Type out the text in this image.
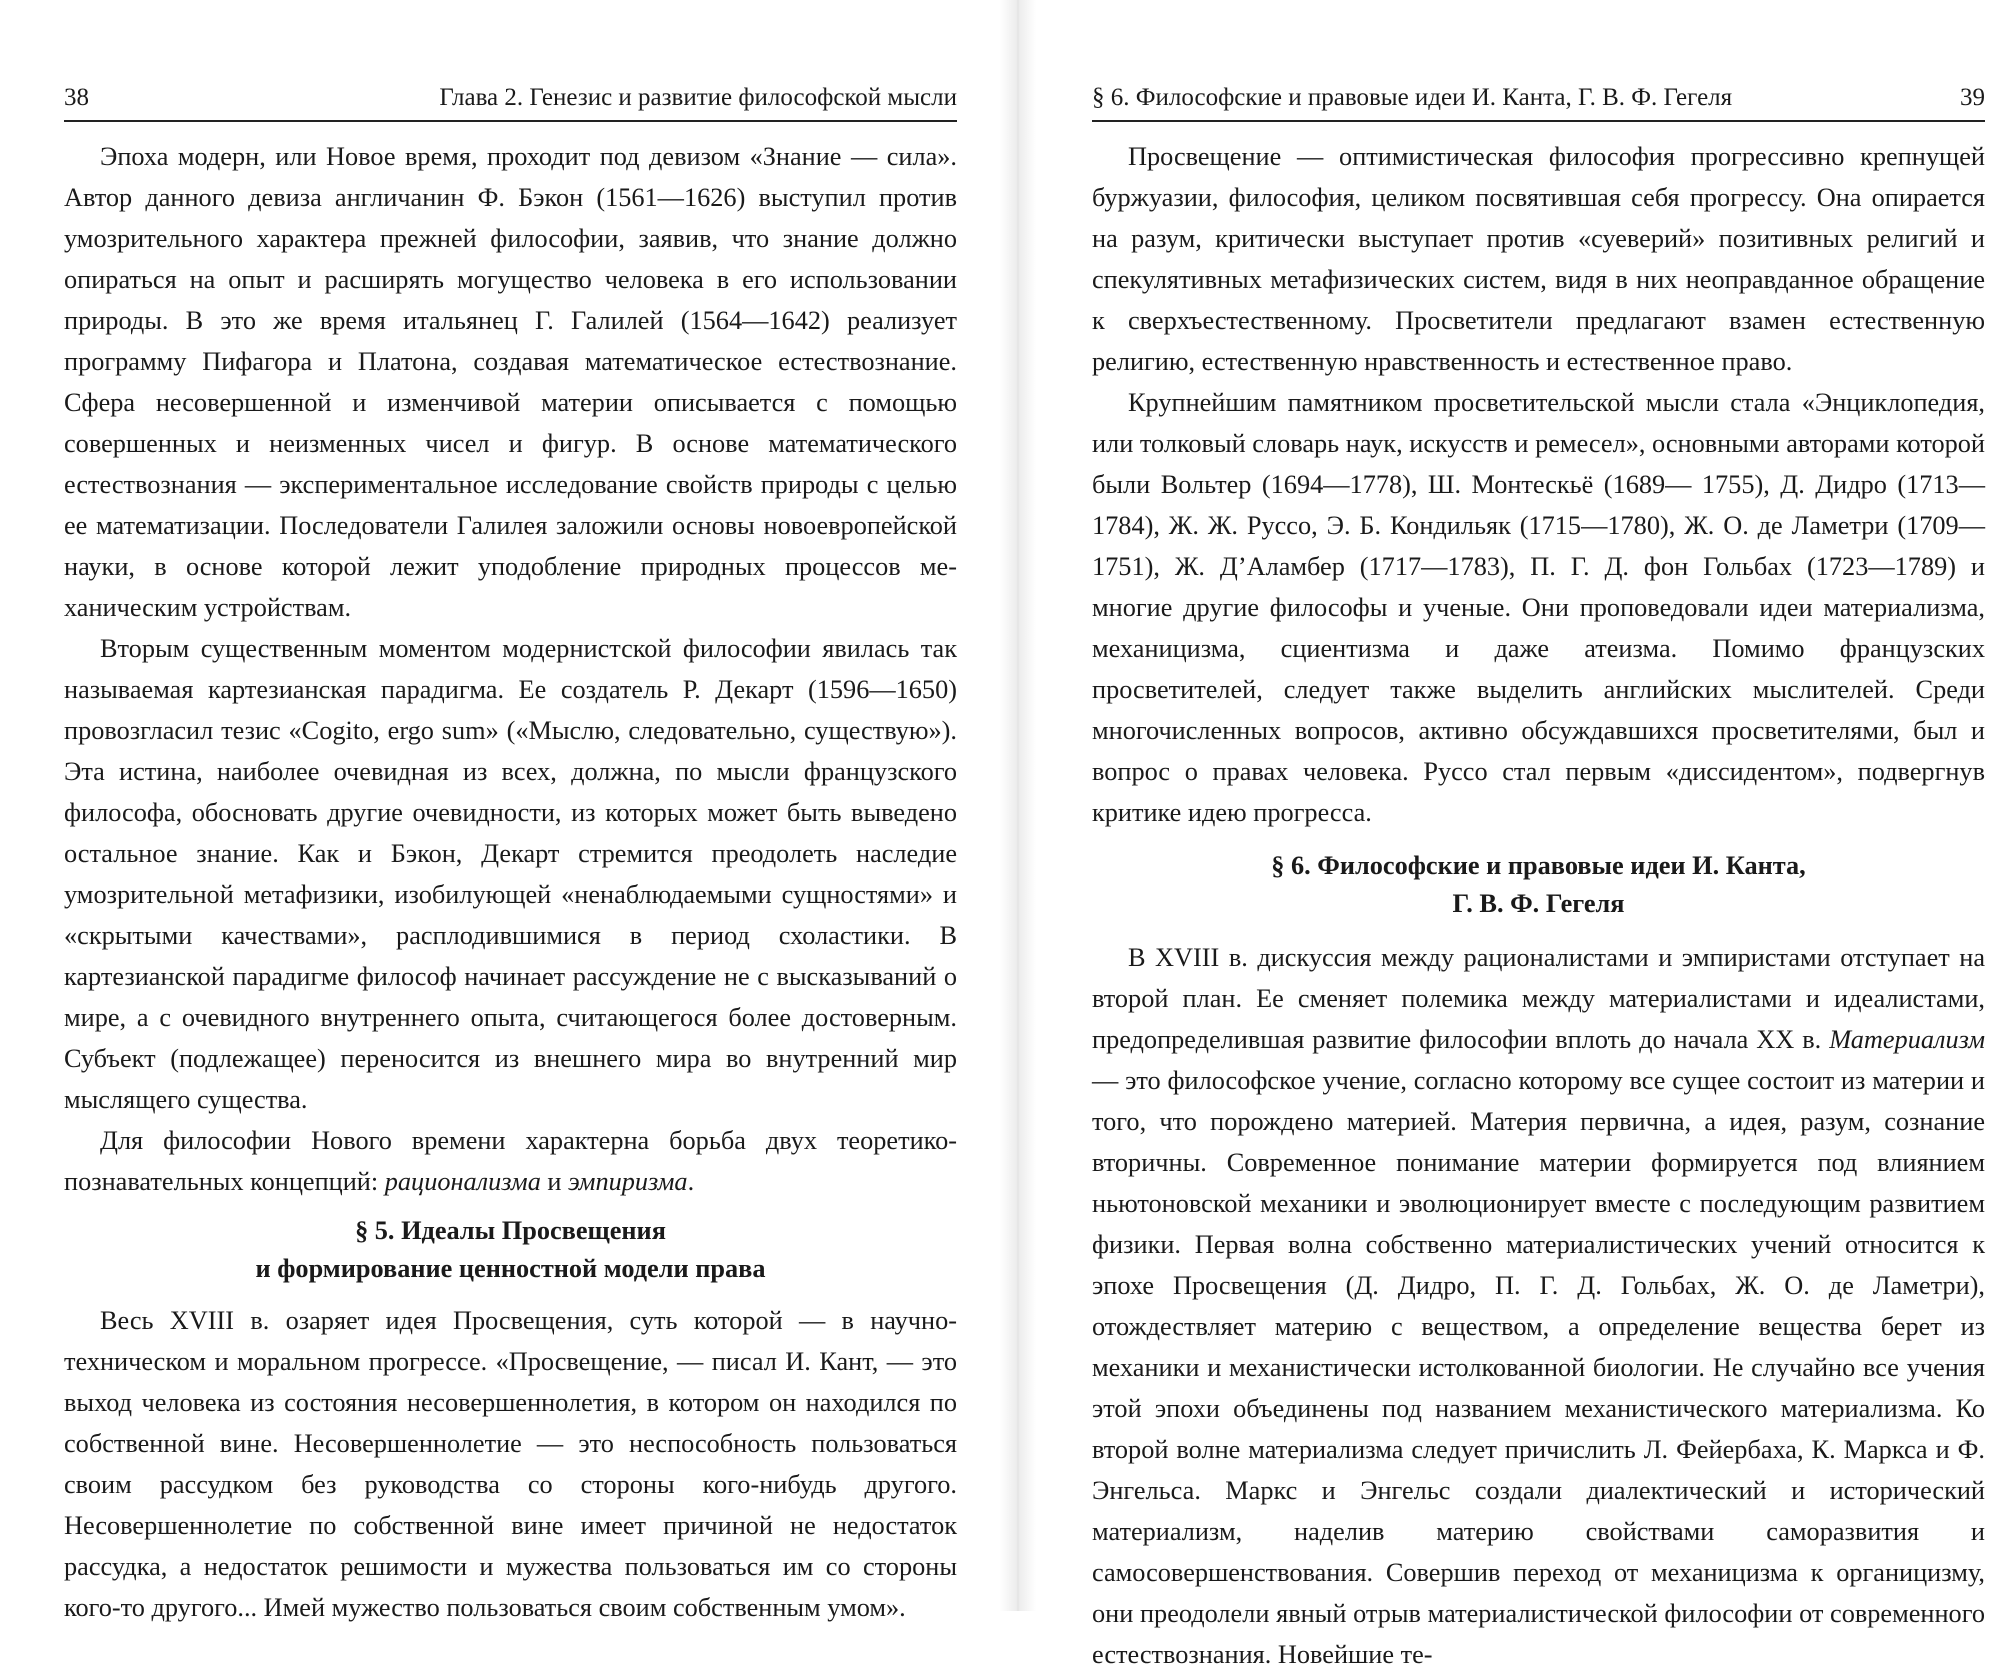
38	Глава 2. Генезис и развитие философской мысли

Эпоха модерн, или Новое время, проходит под девизом «Знание — сила». Автор данного девиза англичанин Ф. Бэкон (1561—1626) выступил против умозрительного характера прежней философии, заявив, что знание должно опираться на опыт и расширять могущество человека в его использовании природы. В это же время итальянец Г. Галилей (1564—1642) реализует программу Пифагора и Платона, создавая математическое естествознание. Сфера несовершенной и изменчивой материи описывается с помощью совершенных и неизменных чисел и фигур. В основе математического естествознания — экспериментальное исследование свойств природы с целью ее математизации. Последователи Галилея заложили основы новоевропейской науки, в основе которой лежит уподобление природных процессов механическим устройствам.

Вторым существенным моментом модернистской философии явилась так называемая картезианская парадигма. Ее создатель Р. Декарт (1596—1650) провозгласил тезис «Cogito, ergo sum» («Мыслю, следовательно, существую»). Эта истина, наиболее очевидная из всех, должна, по мысли французского философа, обосновать другие очевидности, из которых может быть выведено остальное знание. Как и Бэкон, Декарт стремится преодолеть наследие умозрительной метафизики, изобилующей «ненаблюдаемыми сущностями» и «скрытыми качествами», расплодившимися в период схоластики. В картезианской парадигме философ начинает рассуждение не с высказываний о мире, а с очевидного внутреннего опыта, считающегося более достоверным. Субъект (подлежащее) переносится из внешнего мира во внутренний мир мыслящего существа.

Для философии Нового времени характерна борьба двух теоретико-познавательных концепций: рационализма и эмпиризма.

§ 5. Идеалы Просвещения
и формирование ценностной модели права

Весь XVIII в. озаряет идея Просвещения, суть которой — в научно-техническом и моральном прогрессе. «Просвещение, — писал И. Кант, — это выход человека из состояния несовершеннолетия, в котором он находился по собственной вине. Несовершеннолетие — это неспособность пользоваться своим рассудком без руководства со стороны кого-нибудь другого. Несовершеннолетие по собственной вине имеет причиной не недостаток рассудка, а недостаток решимости и мужества пользоваться им со стороны кого-то другого... Имей мужество пользоваться своим собственным умом».

§ 6. Философские и правовые идеи И. Канта, Г. В. Ф. Гегеля	39

Просвещение — оптимистическая философия прогрессивно крепнущей буржуазии, философия, целиком посвятившая себя прогрессу. Она опирается на разум, критически выступает против «суеверий» позитивных религий и спекулятивных метафизических систем, видя в них неоправданное обращение к сверхъестественному. Просветители предлагают взамен естественную религию, естественную нравственность и естественное право.

Крупнейшим памятником просветительской мысли стала «Энциклопедия, или толковый словарь наук, искусств и ремесел», основными авторами которой были Вольтер (1694—1778), Ш. Монтескьё (1689— 1755), Д. Дидро (1713—1784), Ж. Ж. Руссо, Э. Б. Кондильяк (1715—1780), Ж. О. де Ламетри (1709—1751), Ж. Д’Аламбер (1717—1783), П. Г. Д. фон Гольбах (1723—1789) и многие другие философы и ученые. Они проповедовали идеи материализма, механицизма, сциентизма и даже атеизма. Помимо французских просветителей, следует также выделить английских мыслителей. Среди многочисленных вопросов, активно обсуждавшихся просветителями, был и вопрос о правах человека. Руссо стал первым «диссидентом», подвергнув критике идею прогресса.

§ 6. Философские и правовые идеи И. Канта,
Г. В. Ф. Гегеля

В XVIII в. дискуссия между рационалистами и эмпиристами отступает на второй план. Ее сменяет полемика между материалистами и идеалистами, предопределившая развитие философии вплоть до начала XX в. Материализм — это философское учение, согласно которому все сущее состоит из материи и того, что порождено материей. Материя первична, а идея, разум, сознание вторичны. Современное понимание материи формируется под влиянием ньютоновской механики и эволюционирует вместе с последующим развитием физики. Первая волна собственно материалистических учений относится к эпохе Просвещения (Д. Дидро, П. Г. Д. Гольбах, Ж. О. де Ламетри), отождествляет материю с веществом, а определение вещества берет из механики и механистически истолкованной биологии. Не случайно все учения этой эпохи объединены под названием механистического материализма. Ко второй волне материализма следует причислить Л. Фейербаха, К. Маркса и Ф. Энгельса. Маркс и Энгельс создали диалектический и исторический материализм, наделив материю свойствами саморазвития и самосовершенствования. Совершив переход от механицизма к органицизму, они преодолели явный отрыв материалистической философии от современного естествознания. Новейшие те-
